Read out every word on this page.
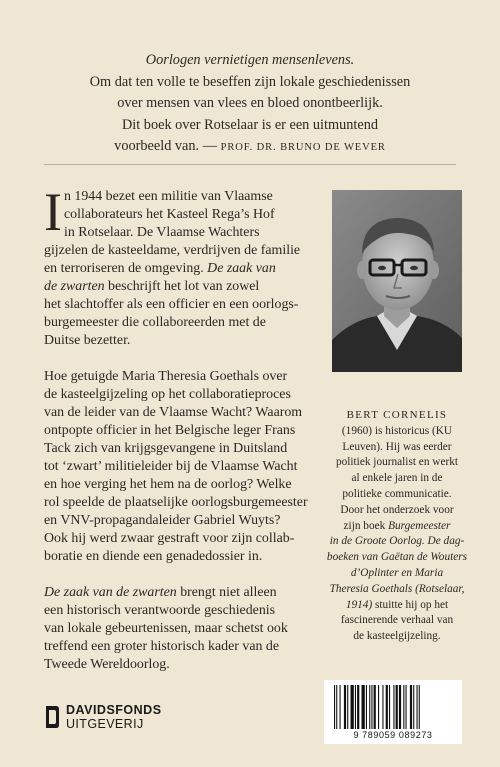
Oorlogen vernietigen mensenlevens.
Om dat ten volle te beseffen zijn lokale geschiedenissen
over mensen van vlees en bloed onontbeerlijk.
Dit boek over Rotselaar is er een uitmuntend
voorbeeld van. — PROF. DR. BRUNO DE WEVER
I n 1944 bezet een militie van Vlaamse
collaborateurs het Kasteel Rega’s Hof
in Rotselaar. De Vlaamse Wachters
gijzelen de kasteeldame, verdrijven de familie
en terroriseren de omgeving. De zaak van
de zwarten beschrijft het lot van zowel
het slachtoffer als een officier en een oorlogs-
burgemeester die collaboreerden met de
Duitse bezetter.
Hoe getuigde Maria Theresia Goethals over
de kasteelgijzeling op het collaboratieproces
van de leider van de Vlaamse Wacht? Waarom
ontpopte officier in het Belgische leger Frans
Tack zich van krijgsgevangene in Duitsland
tot ‘zwart’ militieleider bij de Vlaamse Wacht
en hoe verging het hem na de oorlog? Welke
rol speelde de plaatselijke oorlogsburgemeester
en VNV-propagandaleider Gabriel Wuyts?
Ook hij werd zwaar gestraft voor zijn collab-
boratie en diende een genadedossier in.
De zaak van de zwarten brengt niet alleen
een historisch verantwoorde geschiedenis
van lokale gebeurtenissen, maar schetst ook
treffend een groter historisch kader van de
Tweede Wereldoorlog.
BERT CORNELIS
(1960) is historicus (KU
Leuven). Hij was eerder
politiek journalist en werkt
al enkele jaren in de
politieke communicatie.
Door het onderzoek voor
zijn boek Burgemeester
in de Groote Oorlog. De dag-
boeken van Gaëtan de Wouters
d’Oplinter en Maria
Theresia Goethals (Rotselaar,
1914) stuitte hij op het
fascinerende verhaal van
de kasteelgijzeling.
DAVIDSFONDS
UITGEVERIJ
9 789059 089273
